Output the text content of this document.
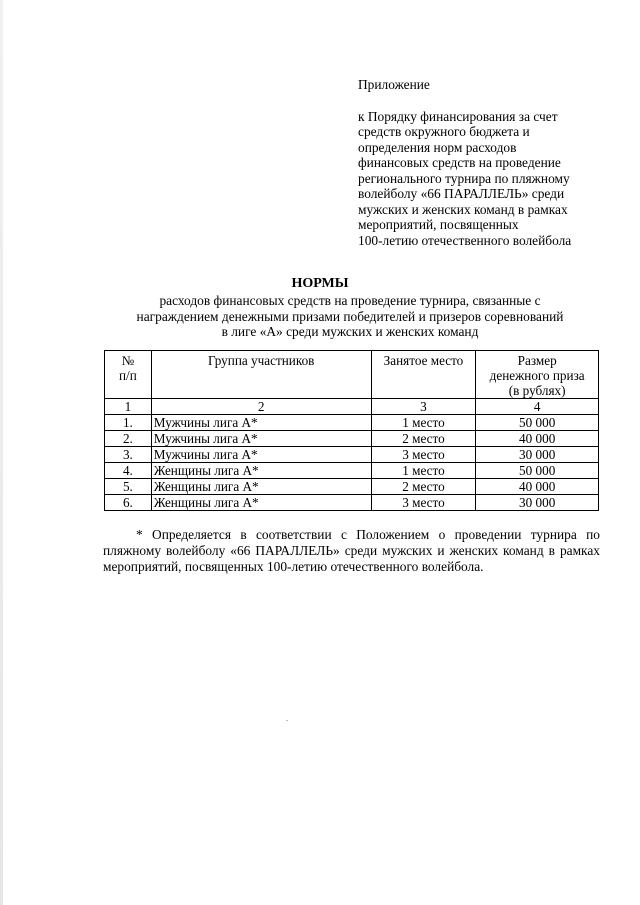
Приложение
к Порядку финансирования за счет
средств окружного бюджета и
определения норм расходов
финансовых средств на проведение
регионального турнира по пляжному
волейболу «66 ПАРАЛЛЕЛЬ» среди
мужских и женских команд в рамках
мероприятий, посвященных
100-летию отечественного волейбола
НОРМЫ
расходов финансовых средств на проведение турнира, связанные с
награждением денежными призами победителей и призеров соревнований
в лиге «А» среди мужских и женских команд
№
п/п	Группа участников	Занятое место	Размер
денежного приза
(в рублях)
1	2	3	4
1.	Мужчины лига А*	1 место	50 000
2.	Мужчины лига А*	2 место	40 000
3.	Мужчины лига А*	3 место	30 000
4.	Женщины лига А*	1 место	50 000
5.	Женщины лига А*	2 место	40 000
6.	Женщины лига А*	3 место	30 000
* Определяется в соответствии с Положением о проведении турнира по пляжному волейболу «66 ПАРАЛЛЕЛЬ» среди мужских и женских команд в рамках мероприятий, посвященных 100-летию отечественного волейбола.
